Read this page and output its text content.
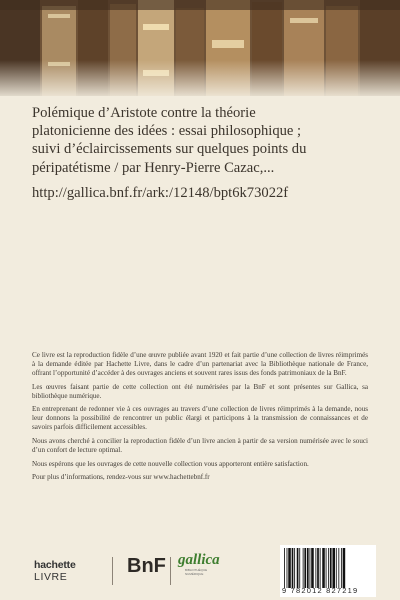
Polémique d’Aristote contre la théorie

platonicienne des idées : essai philosophique ;

suivi d’éclaircissements sur quelques points du

péripatétisme / par Henry-Pierre Cazac,...

http://gallica.bnf.fr/ark:/12148/bpt6k73022f

Ce livre est la reproduction fidèle d’une œuvre publiée avant 1920 et fait partie d’une collection de livres réimprimés à la demande éditée par Hachette Livre, dans le cadre d’un partenariat avec la Bibliothèque nationale de France, offrant l’opportunité d’accéder à des ouvrages anciens et souvent rares issus des fonds patrimoniaux de la BnF.

Les œuvres faisant partie de cette collection ont été numérisées par la BnF et sont présentes sur Gallica, sa bibliothèque numérique.

En entreprenant de redonner vie à ces ouvrages au travers d’une collection de livres réimprimés à la demande, nous leur donnons la possibilité de rencontrer un public élargi et participons à la transmission de connaissances et de savoirs parfois difficilement accessibles.

Nous avons cherché à concilier la reproduction fidèle d’un livre ancien à partir de sa version numérisée avec le souci d’un confort de lecture optimal.

Nous espérons que les ouvrages de cette nouvelle collection vous apporteront entière satisfaction.

Pour plus d’informations, rendez-vous sur www.hachettebnf.fr

hachette
LIVRE	BnF gallica
BIBLIOTHÈQUE NUMÉRIQUE
9 782012 827219
